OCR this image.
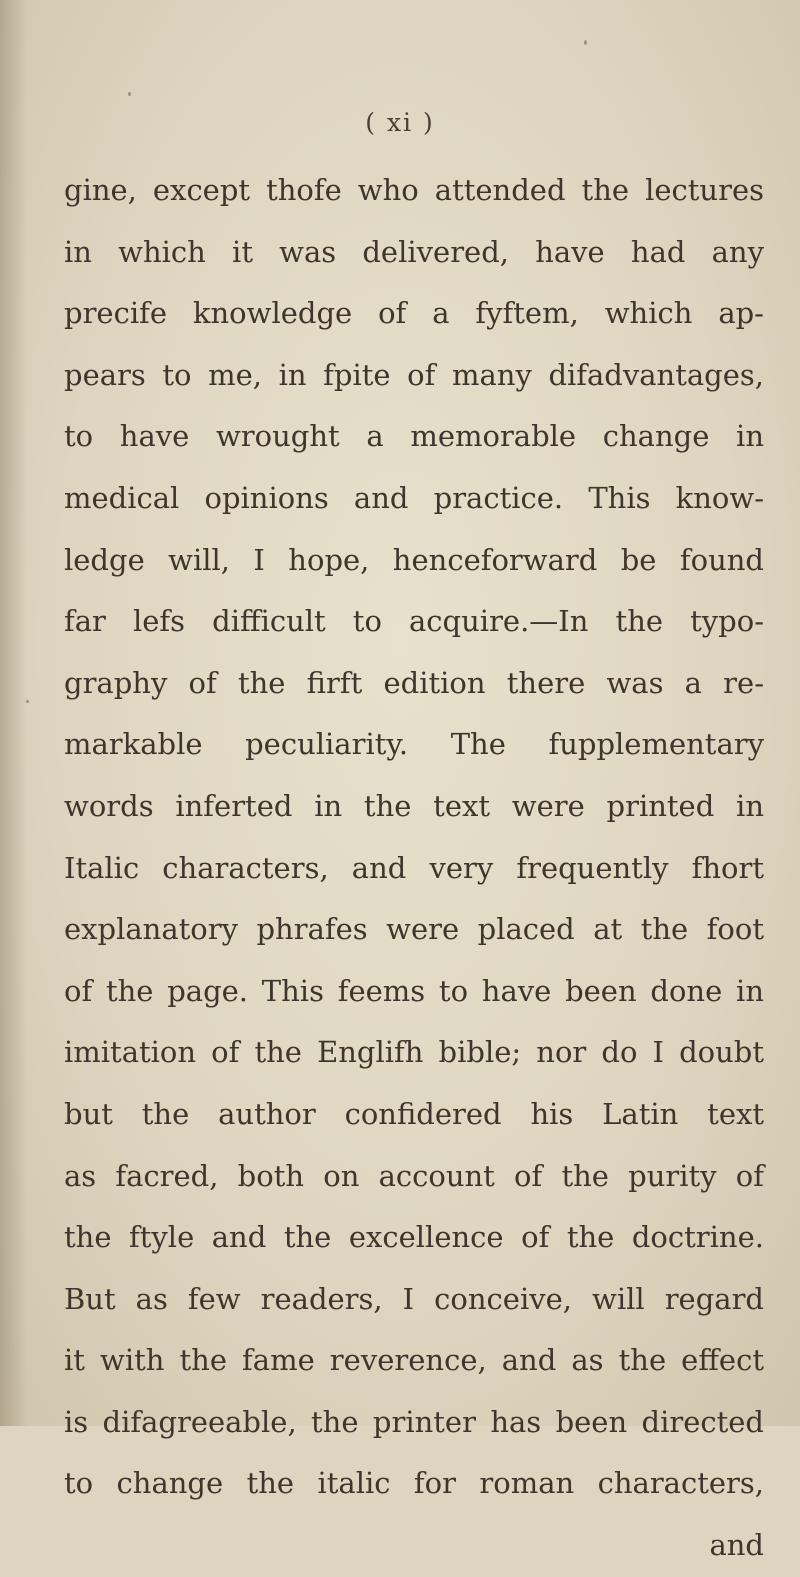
( xi )
gine, except thofe who attended the lectures
in which it was delivered, have had any
precife knowledge of a fyftem, which ap-
pears to me, in fpite of many difadvantages,
to have wrought a memorable change in
medical opinions and practice. This know-
ledge will, I hope, henceforward be found
far lefs difficult to acquire.—In the typo-
graphy of the firft edition there was a re-
markable peculiarity. The fupplementary
words inferted in the text were printed in
Italic characters, and very frequently fhort
explanatory phrafes were placed at the foot
of the page. This feems to have been done in
imitation of the Englifh bible; nor do I doubt
but the author confidered his Latin text
as facred, both on account of the purity of
the ftyle and the excellence of the doctrine.
But as few readers, I conceive, will regard
it with the fame reverence, and as the effect
is difagreeable, the printer has been directed
to change the italic for roman characters,
and
